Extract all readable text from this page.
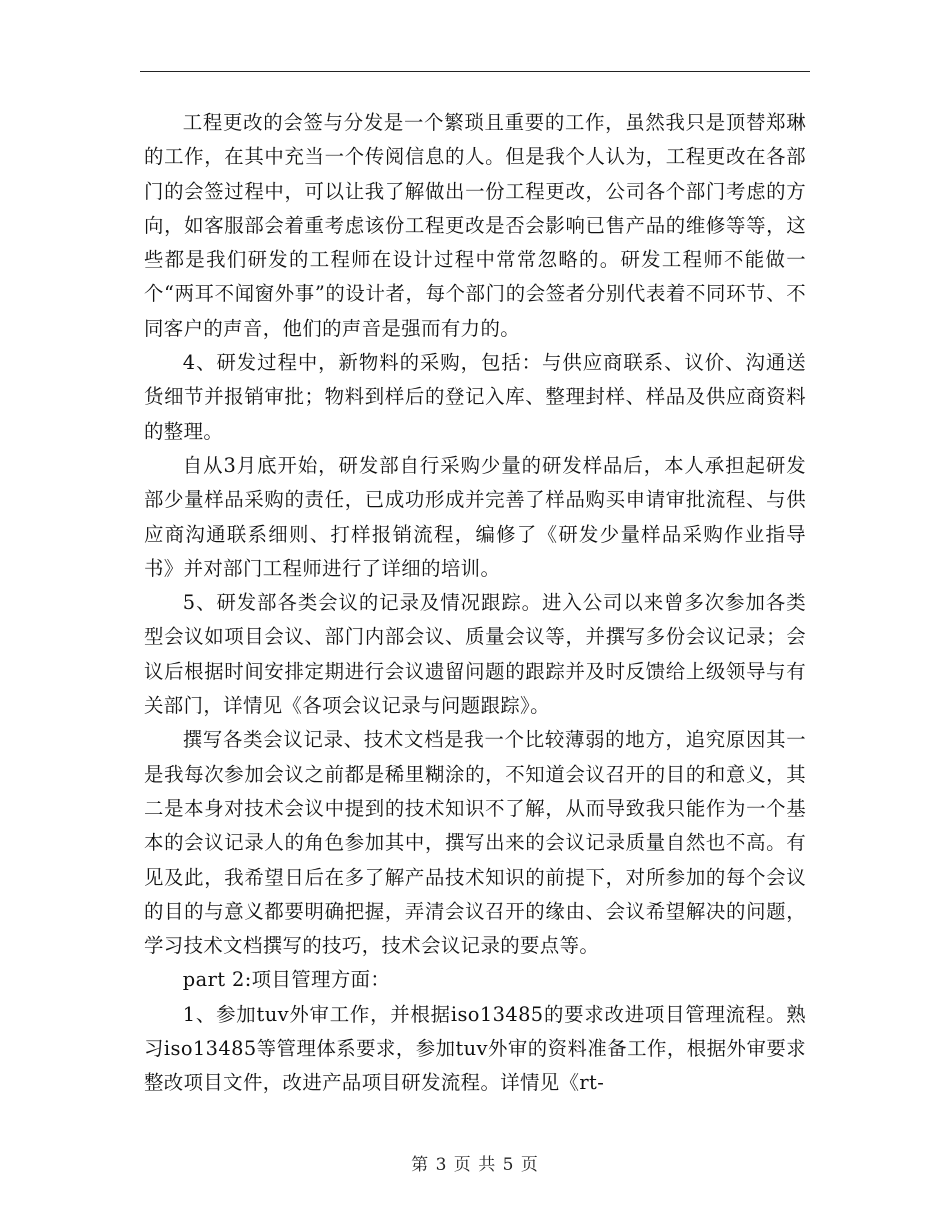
工程更改的会签与分发是一个繁琐且重要的工作，虽然我只是顶替郑琳的工作，在其中充当一个传阅信息的人。但是我个人认为，工程更改在各部门的会签过程中，可以让我了解做出一份工程更改，公司各个部门考虑的方向，如客服部会着重考虑该份工程更改是否会影响已售产品的维修等等，这些都是我们研发的工程师在设计过程中常常忽略的。研发工程师不能做一个“两耳不闻窗外事”的设计者，每个部门的会签者分别代表着不同环节、不同客户的声音，他们的声音是强而有力的。

4、研发过程中，新物料的采购，包括：与供应商联系、议价、沟通送货细节并报销审批；物料到样后的登记入库、整理封样、样品及供应商资料的整理。

自从3月底开始，研发部自行采购少量的研发样品后，本人承担起研发部少量样品采购的责任，已成功形成并完善了样品购买申请审批流程、与供应商沟通联系细则、打样报销流程，编修了《研发少量样品采购作业指导书》并对部门工程师进行了详细的培训。

5、研发部各类会议的记录及情况跟踪。进入公司以来曾多次参加各类型会议如项目会议、部门内部会议、质量会议等，并撰写多份会议记录；会议后根据时间安排定期进行会议遗留问题的跟踪并及时反馈给上级领导与有关部门，详情见《各项会议记录与问题跟踪》。

撰写各类会议记录、技术文档是我一个比较薄弱的地方，追究原因其一是我每次参加会议之前都是稀里糊涂的，不知道会议召开的目的和意义，其二是本身对技术会议中提到的技术知识不了解，从而导致我只能作为一个基本的会议记录人的角色参加其中，撰写出来的会议记录质量自然也不高。有见及此，我希望日后在多了解产品技术知识的前提下，对所参加的每个会议的目的与意义都要明确把握，弄清会议召开的缘由、会议希望解决的问题，学习技术文档撰写的技巧，技术会议记录的要点等。

part 2:项目管理方面：

1、参加tuv外审工作，并根据iso13485的要求改进项目管理流程。熟习iso13485等管理体系要求，参加tuv外审的资料准备工作，根据外审要求整改项目文件，改进产品项目研发流程。详情见《rt-

第 3 页 共 5 页
